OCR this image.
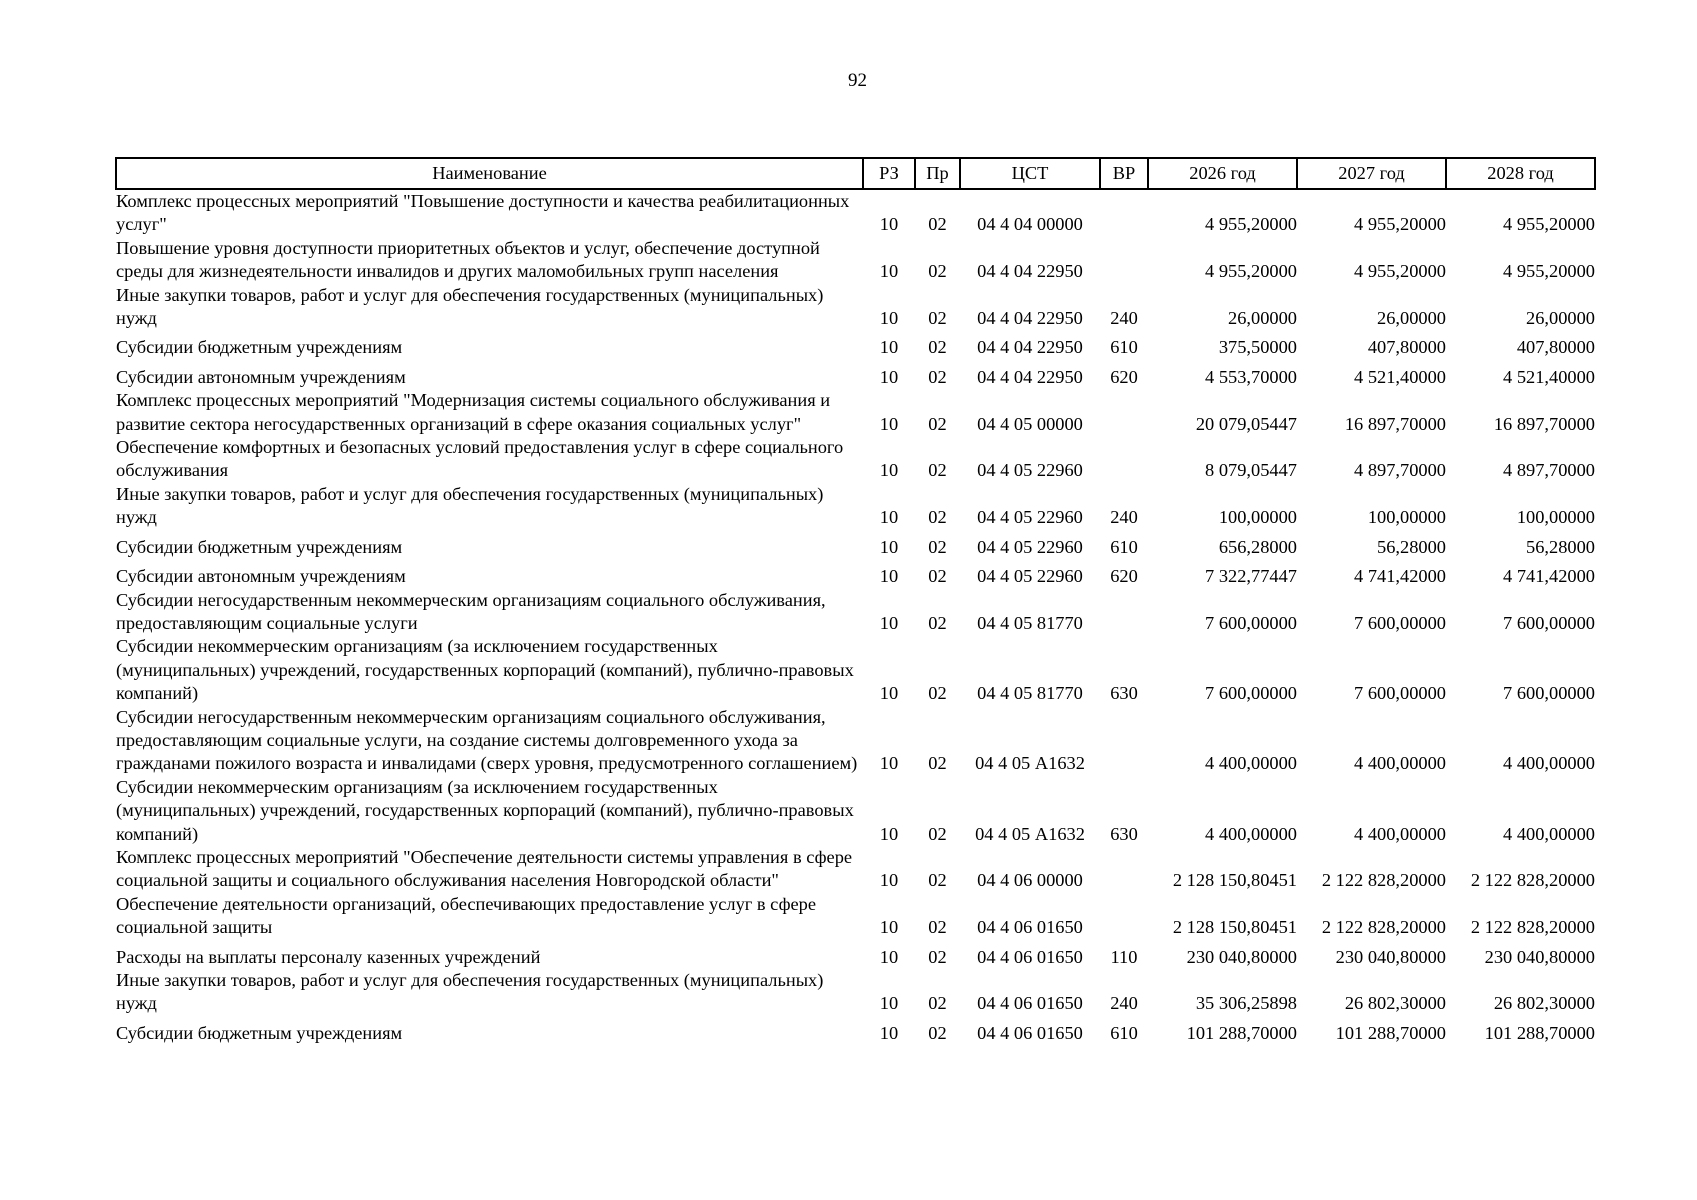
92
Наименование	РЗ	Пр	ЦСТ	ВР	2026 год	2027 год	2028 год
Комплекс процессных мероприятий "Повышение доступности и качества реабилитационных услуг"	10	02	04 4 04 00000		4 955,20000	4 955,20000	4 955,20000
Повышение уровня доступности приоритетных объектов и услуг, обеспечение доступной среды для жизнедеятельности инвалидов и других маломобильных групп населения	10	02	04 4 04 22950		4 955,20000	4 955,20000	4 955,20000
Иные закупки товаров, работ и услуг для обеспечения государственных (муниципальных) нужд	10	02	04 4 04 22950	240	26,00000	26,00000	26,00000
Субсидии бюджетным учреждениям	10	02	04 4 04 22950	610	375,50000	407,80000	407,80000
Субсидии автономным учреждениям	10	02	04 4 04 22950	620	4 553,70000	4 521,40000	4 521,40000
Комплекс процессных мероприятий "Модернизация системы социального обслуживания и развитие сектора негосударственных организаций в сфере оказания социальных услуг"	10	02	04 4 05 00000		20 079,05447	16 897,70000	16 897,70000
Обеспечение комфортных и безопасных условий предоставления услуг в сфере социального обслуживания	10	02	04 4 05 22960		8 079,05447	4 897,70000	4 897,70000
Иные закупки товаров, работ и услуг для обеспечения государственных (муниципальных) нужд	10	02	04 4 05 22960	240	100,00000	100,00000	100,00000
Субсидии бюджетным учреждениям	10	02	04 4 05 22960	610	656,28000	56,28000	56,28000
Субсидии автономным учреждениям	10	02	04 4 05 22960	620	7 322,77447	4 741,42000	4 741,42000
Субсидии негосударственным некоммерческим организациям социального обслуживания, предоставляющим социальные услуги	10	02	04 4 05 81770		7 600,00000	7 600,00000	7 600,00000
Субсидии некоммерческим организациям (за исключением государственных (муниципальных) учреждений, государственных корпораций (компаний), публично-правовых компаний)	10	02	04 4 05 81770	630	7 600,00000	7 600,00000	7 600,00000
Субсидии негосударственным некоммерческим организациям социального обслуживания, предоставляющим социальные услуги, на создание системы долговременного ухода за гражданами пожилого возраста и инвалидами (сверх уровня, предусмотренного соглашением)	10	02	04 4 05 А1632		4 400,00000	4 400,00000	4 400,00000
Субсидии некоммерческим организациям (за исключением государственных (муниципальных) учреждений, государственных корпораций (компаний), публично-правовых компаний)	10	02	04 4 05 А1632	630	4 400,00000	4 400,00000	4 400,00000
Комплекс процессных мероприятий "Обеспечение деятельности системы управления в сфере социальной защиты и социального обслуживания населения Новгородской области"	10	02	04 4 06 00000		2 128 150,80451	2 122 828,20000	2 122 828,20000
Обеспечение деятельности организаций, обеспечивающих предоставление услуг в сфере социальной защиты	10	02	04 4 06 01650		2 128 150,80451	2 122 828,20000	2 122 828,20000
Расходы на выплаты персоналу казенных учреждений	10	02	04 4 06 01650	110	230 040,80000	230 040,80000	230 040,80000
Иные закупки товаров, работ и услуг для обеспечения государственных (муниципальных) нужд	10	02	04 4 06 01650	240	35 306,25898	26 802,30000	26 802,30000
Субсидии бюджетным учреждениям	10	02	04 4 06 01650	610	101 288,70000	101 288,70000	101 288,70000
